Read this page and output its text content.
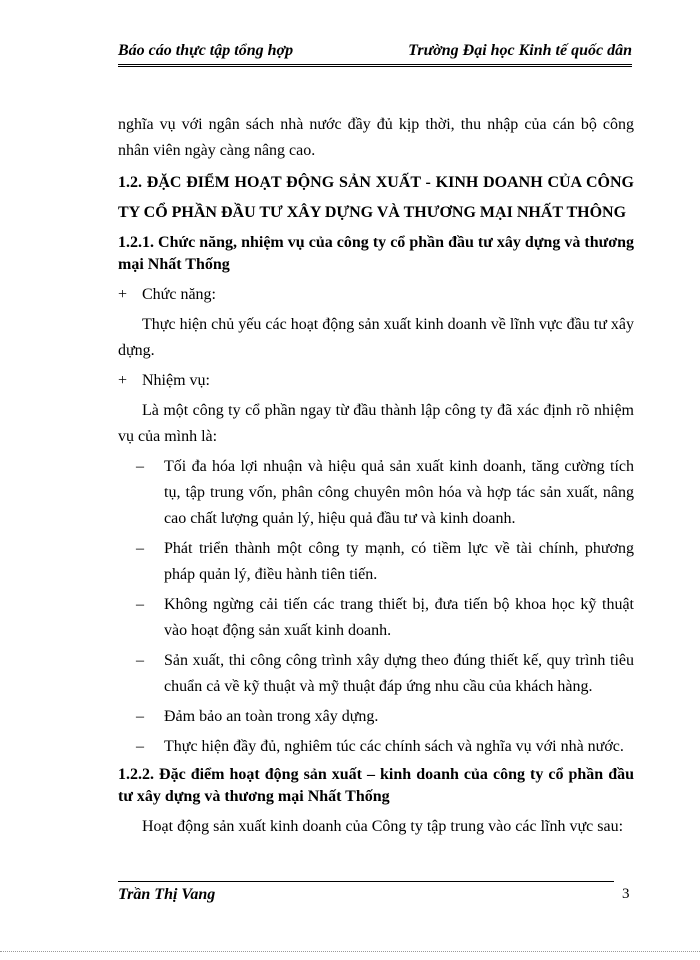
Báo cáo thực tập tổng hợp	Trường Đại học Kinh tế quốc dân

nghĩa vụ với ngân sách nhà nước đầy đủ kịp thời, thu nhập của cán bộ công nhân viên ngày càng nâng cao.

1.2. ĐẶC ĐIỂM HOẠT ĐỘNG SẢN XUẤT - KINH DOANH CỦA CÔNG TY CỔ PHẦN ĐẦU TƯ XÂY DỰNG VÀ THƯƠNG MẠI NHẤT THÔNG
1.2.1. Chức năng, nhiệm vụ của công ty cổ phần đầu tư xây dựng và thương mại Nhất Thống
+ Chức năng:

Thực hiện chủ yếu các hoạt động sản xuất kinh doanh về lĩnh vực đầu tư xây dựng.

+ Nhiệm vụ:

Là một công ty cổ phần ngay từ đầu thành lập công ty đã xác định rõ nhiệm vụ của mình là:

– Tối đa hóa lợi nhuận và hiệu quả sản xuất kinh doanh, tăng cường tích tụ, tập trung vốn, phân công chuyên môn hóa và hợp tác sản xuất, nâng cao chất lượng quản lý, hiệu quả đầu tư và kinh doanh.
– Phát triển thành một công ty mạnh, có tiềm lực về tài chính, phương pháp quản lý, điều hành tiên tiến.
– Không ngừng cải tiến các trang thiết bị, đưa tiến bộ khoa học kỹ thuật vào hoạt động sản xuất kinh doanh.
– Sản xuất, thi công công trình xây dựng theo đúng thiết kế, quy trình tiêu chuẩn cả về kỹ thuật và mỹ thuật đáp ứng nhu cầu của khách hàng.
– Đảm bảo an toàn trong xây dựng.
– Thực hiện đầy đủ, nghiêm túc các chính sách và nghĩa vụ với nhà nước.
1.2.2. Đặc điểm hoạt động sản xuất – kinh doanh của công ty cổ phần đầu tư xây dựng và thương mại Nhất Thống

Hoạt động sản xuất kinh doanh của Công ty tập trung vào các lĩnh vực sau:

Trần Thị Vang	3
